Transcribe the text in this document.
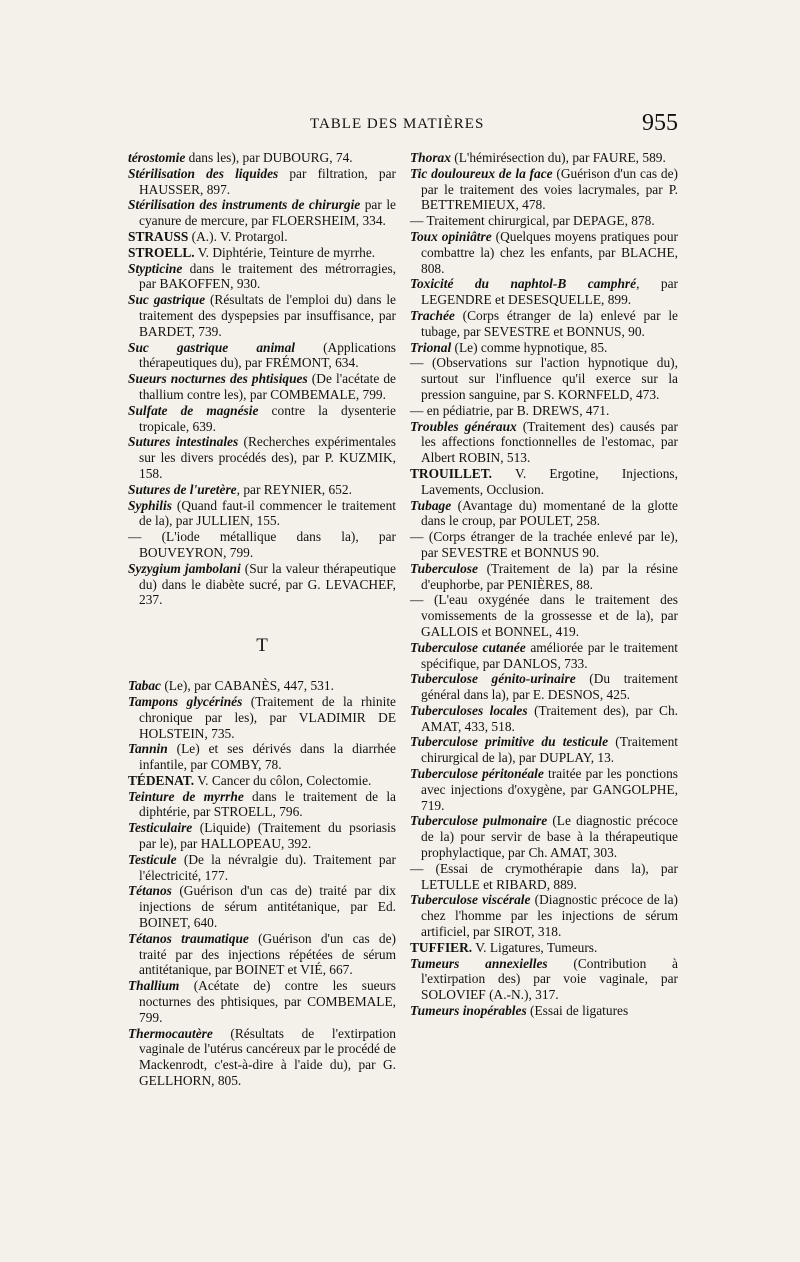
TABLE DES MATIÈRES	955

térostomie dans les), par DUBOURG, 74.

Stérilisation des liquides par filtration, par HAUSSER, 897.

Stérilisation des instruments de chirurgie par le cyanure de mercure, par FLOERSHEIM, 334.

STRAUSS (A.). V. Protargol.

STROELL. V. Diphtérie, Teinture de myrrhe.

Stypticine dans le traitement des métrorragies, par BAKOFFEN, 930.

Suc gastrique (Résultats de l'emploi du) dans le traitement des dyspepsies par insuffisance, par BARDET, 739.

Suc gastrique animal (Applications thérapeutiques du), par FRÉMONT, 634.

Sueurs nocturnes des phtisiques (De l'acétate de thallium contre les), par COMBEMALE, 799.

Sulfate de magnésie contre la dysenterie tropicale, 639.

Sutures intestinales (Recherches expérimentales sur les divers procédés des), par P. KUZMIK, 158.

Sutures de l'uretère, par REYNIER, 652.

Syphilis (Quand faut-il commencer le traitement de la), par JULLIEN, 155.

— (L'iode métallique dans la), par BOUVEYRON, 799.

Syzygium jambolani (Sur la valeur thérapeutique du) dans le diabète sucré, par G. LEVACHEF, 237.

T

Tabac (Le), par CABANÈS, 447, 531.

Tampons glycérinés (Traitement de la rhinite chronique par les), par VLADIMIR DE HOLSTEIN, 735.

Tannin (Le) et ses dérivés dans la diarrhée infantile, par COMBY, 78.

TÉDENAT. V. Cancer du côlon, Colectomie.

Teinture de myrrhe dans le traitement de la diphtérie, par STROELL, 796.

Testiculaire (Liquide) (Traitement du psoriasis par le), par HALLOPEAU, 392.

Testicule (De la névralgie du). Traitement par l'électricité, 177.

Tétanos (Guérison d'un cas de) traité par dix injections de sérum antitétanique, par Ed. BOINET, 640.

Tétanos traumatique (Guérison d'un cas de) traité par des injections répétées de sérum antitétanique, par BOINET et VIÉ, 667.

Thallium (Acétate de) contre les sueurs nocturnes des phtisiques, par COMBEMALE, 799.

Thermocautère (Résultats de l'extirpation vaginale de l'utérus cancéreux par le procédé de Mackenrodt, c'est-à-dire à l'aide du), par G. GELLHORN, 805.

Thorax (L'hémirésection du), par FAURE, 589.

Tic douloureux de la face (Guérison d'un cas de) par le traitement des voies lacrymales, par P. BETTREMIEUX, 478.

— Traitement chirurgical, par DEPAGE, 878.

Toux opiniâtre (Quelques moyens pratiques pour combattre la) chez les enfants, par BLACHE, 808.

Toxicité du naphtol-B camphré, par LEGENDRE et DESESQUELLE, 899.

Trachée (Corps étranger de la) enlevé par le tubage, par SEVESTRE et BONNUS, 90.

Trional (Le) comme hypnotique, 85.

— (Observations sur l'action hypnotique du), surtout sur l'influence qu'il exerce sur la pression sanguine, par S. KORNFELD, 473.

— en pédiatrie, par B. DREWS, 471.

Troubles généraux (Traitement des) causés par les affections fonctionnelles de l'estomac, par Albert ROBIN, 513.

TROUILLET. V. Ergotine, Injections, Lavements, Occlusion.

Tubage (Avantage du) momentané de la glotte dans le croup, par POULET, 258.

— (Corps étranger de la trachée enlevé par le), par SEVESTRE et BONNUS 90.

Tuberculose (Traitement de la) par la résine d'euphorbe, par PENIÈRES, 88.

— (L'eau oxygénée dans le traitement des vomissements de la grossesse et de la), par GALLOIS et BONNEL, 419.

Tuberculose cutanée améliorée par le traitement spécifique, par DANLOS, 733.

Tuberculose génito-urinaire (Du traitement général dans la), par E. DESNOS, 425.

Tuberculoses locales (Traitement des), par Ch. AMAT, 433, 518.

Tuberculose primitive du testicule (Traitement chirurgical de la), par DUPLAY, 13.

Tuberculose péritonéale traitée par les ponctions avec injections d'oxygène, par GANGOLPHE, 719.

Tuberculose pulmonaire (Le diagnostic précoce de la) pour servir de base à la thérapeutique prophylactique, par Ch. AMAT, 303.

— (Essai de crymothérapie dans la), par LETULLE et RIBARD, 889.

Tuberculose viscérale (Diagnostic précoce de la) chez l'homme par les injections de sérum artificiel, par SIROT, 318.

TUFFIER. V. Ligatures, Tumeurs.

Tumeurs annexielles (Contribution à l'extirpation des) par voie vaginale, par SOLOVIEF (A.-N.), 317.

Tumeurs inopérables (Essai de ligatures
